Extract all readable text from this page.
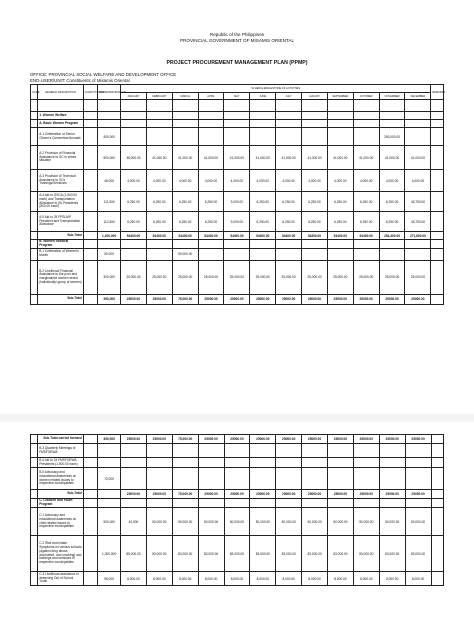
Republic of the Philippines
PROVINCIAL GOVERNMENT OF MISAMIS ORIENTAL
PROJECT PROCUREMENT MANAGEMENT PLAN (PPMP)
OFFICE: PROVINCIAL SOCIAL WELFARE AND DEVELOPMENT OFFICE
END-USER/UNIT: Constituents of Misamis Oriental
CODE	GENERAL DESCRIPTION	QUANTITY/SIZE	ESTIMATED BUDGET	SCHEDULE/MILESTONE OF ACTIVITIES												REMARKS
				JANUARY	FEBRUARY	MARCH	APRIL	MAY	JUNE	JULY	AUGUST	SEPTEMBER	OCTOBER	NOVEMBER	DECEMBER	

	1. Women Welfare															
	A. Basic Women Program															
	A.1 Celebration of Senior Citizen's Convention/Annuals		400,000											200,000.00		
	A.2 Provision of Financial Assistance to SC in crises situation		500,000	38,000.00	41,000.00	41,000.00	41,000.00	41,000.00	41,000.00	41,000.00	41,000.00	41,000.00	41,000.00	41,000.00	41,000.00	
	A.3 Provision of Technical Assistance to SCs Trainings/Seminars		48,000	4,000.00	4,000.00	4,000.00	4,000.00	4,000.00	4,000.00	4,000.00	4,000.00	4,000.00	4,000.00	4,000.00	4,000.00	
	A.4 Aid to OSCA (1,500.00 each) and Transportation Allowance to (5) Presidents (500.00 each)		111,500	6,250.00	6,250.00	6,250.00	6,250.00	9,000.00	6,250.00	6,250.00	6,250.00	6,250.00	6,250.00	6,250.00	43,750.00	
	A.5 Aid to 25 FPSLMP President and Transportation Allowance		112,500	6,250.00	6,250.00	6,250.00	6,250.00	9,000.00	6,250.00	6,250.00	6,250.00	6,250.00	6,250.00	6,250.00	43,750.00	
	Sub-Total		1,200,000	54400.00	54400.00	54400.00	54400.00	54400.00	54400.00	54400.00	54400.00	54400.00	54400.00	254,400.00	271,600.00	
	B. Women Sectoral Program															
	B.1 Celebration of Women's Month		50,000			50,000.00										
	B.2 Livelihood Financial Assistance to the poor and marginalized women sector (individually/ group of women)		300,000	25,000.00	25,000.00	25,000.00	25,000.00	25,000.00	25,000.00	25,000.00	25,000.00	25,000.00	25,000.00	25,000.00	25,000.00	
	Sub-Total		350,000	25000.00	25000.00	75,000.00	25000.00	25000.00	25000.00	25000.00	25000.00	25000.00	25000.00	25000.00	25000.00	
	Sub-Total carried forward		350,000	25000.00	25000.00	75,000.00	25000.00	25000.00	25000.00	25000.00	25000.00	25000.00	25000.00	25000.00	25000.00	
	B.3 Quarterly Meetings of FMSFOEWA															
	B.4 Aid to 24 FMSFOEWA Presidents (1,500.00 each)															
	B.5 Advocacy and educational awareness on women related issues to respective municipalities		70,000													
	Sub-Total			25000.00	25000.00	75,000.00	25000.00	25000.00	25000.00	25000.00	25000.00	25000.00	25000.00	25000.00	25000.00	
	C. Children and Youth Program															
	C.1 Advocacy and educational awareness on child related issues to respective municipalities		500,000	40,000	50,000.00	50,000.00	50,000.00	50,000.00	50,000.00	50,000.00	50,000.00	50,000.00	50,000.00	50,000.00	50,000.00	
	C.2 Risk and Intake Symptoms on various schools (against drug abuse, alcoholism, and smoking) and trainings and seminars in respective municipalities		1,000,000	85,000.00	83,000.00	83,000.00	83,000.00	83,000.00	83,000.00	83,000.00	83,000.00	83,000.00	83,000.00	83,000.00	83,000.00	
	C.3 Livelihood assistance to deserving Out of School Youth		96,000	8,000.00	8,000.00	8,000.00	8,000.00	8,000.00	8,000.00	8,000.00	8,000.00	8,000.00	8,000.00	8,000.00	8,000.00	
